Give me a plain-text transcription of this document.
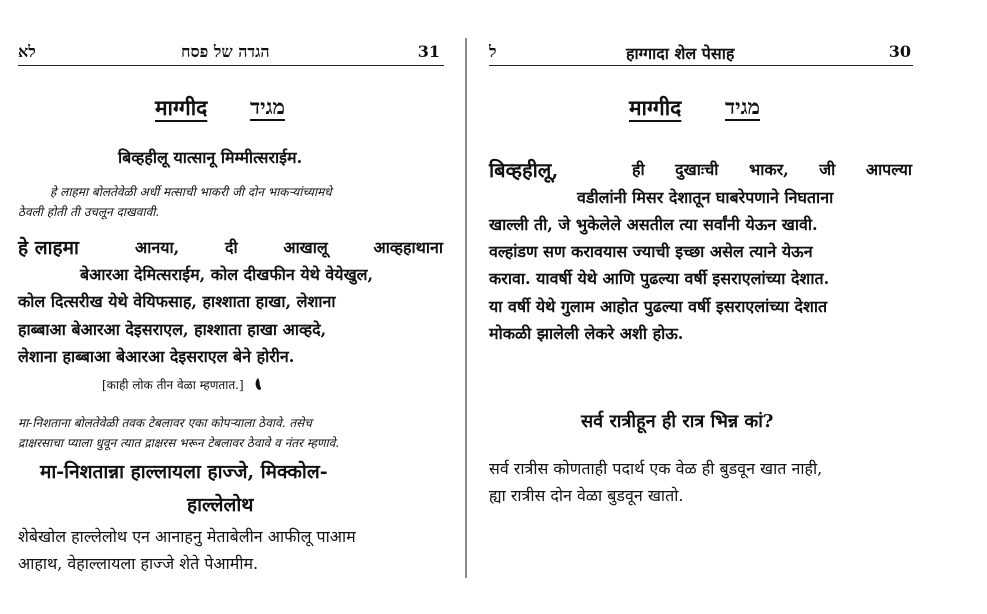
לא	הגדה של פסח	31
माग्गीद מגיד
बिव्हहीलू यात्सानू मिम्मीत्सराईम.
हे लाहमा बोलतेवेळी अर्धी मत्साची भाकरी जी दोन भाकऱ्यांच्यामधे
ठेवली होती ती उचलून दाखवावी.
हे लाहमा	आनया,   दी   आखालू   आव्हहाथाना
बेआरआ देमित्सराईम, कोल दीखफीन येथे वेयेखुल,
कोल दित्सरीख येथे वेयिफसाह, हाश्शाता हाखा, लेशाना
हाब्बाआ बेआरआ देइसराएल, हाश्शाता हाखा आव्हदे,
लेशाना हाब्बाआ बेआरआ देइसराएल बेने होरीन.
[काही लोक तीन वेळा म्हणतात.]
मा-निशताना बोलतेवेळी तवक टेबलावर एका कोपऱ्याला ठेवावे. तसेच
द्राक्षरसाचा प्याला धुवून त्यात द्राक्षरस भरून टेबलावर ठेवावे व नंतर म्हणावे.
मा-निशतान्ना हाल्लायला हाज्जे, मिक्कोल-
हाल्लेलोथ
शेबेखोल हाल्लेलोथ एन आनाहनु मेताबेलीन आफीलू पाआम
आहाथ, वेहाल्लायला हाज्जे शेते पेआमीम.
ל	हाग्गादा शेल पेसाह	30
माग्गीद מגיד
बिव्हहीलू,	ही  दुखाःची  भाकर,  जी  आपल्या
वडीलांनी मिसर देशातून घाबरेपणाने निघताना
खाल्ली ती, जे भुकेलेले असतील त्या सर्वांनी येऊन खावी.
वल्हांडण सण करावयास ज्याची इच्छा असेल त्याने येऊन
करावा. यावर्षी येथे आणि पुढल्या वर्षी इसराएलांच्या देशात.
या वर्षी येथे गुलाम आहोत पुढल्या वर्षी इसराएलांच्या देशात
मोकळी झालेली लेकरे अशी होऊ.
सर्व रात्रीहून ही रात्र भिन्न कां?
सर्व रात्रीस कोणताही पदार्थ एक वेळ ही बुडवून खात नाही,
ह्या रात्रीस दोन वेळा बुडवून खातो.
